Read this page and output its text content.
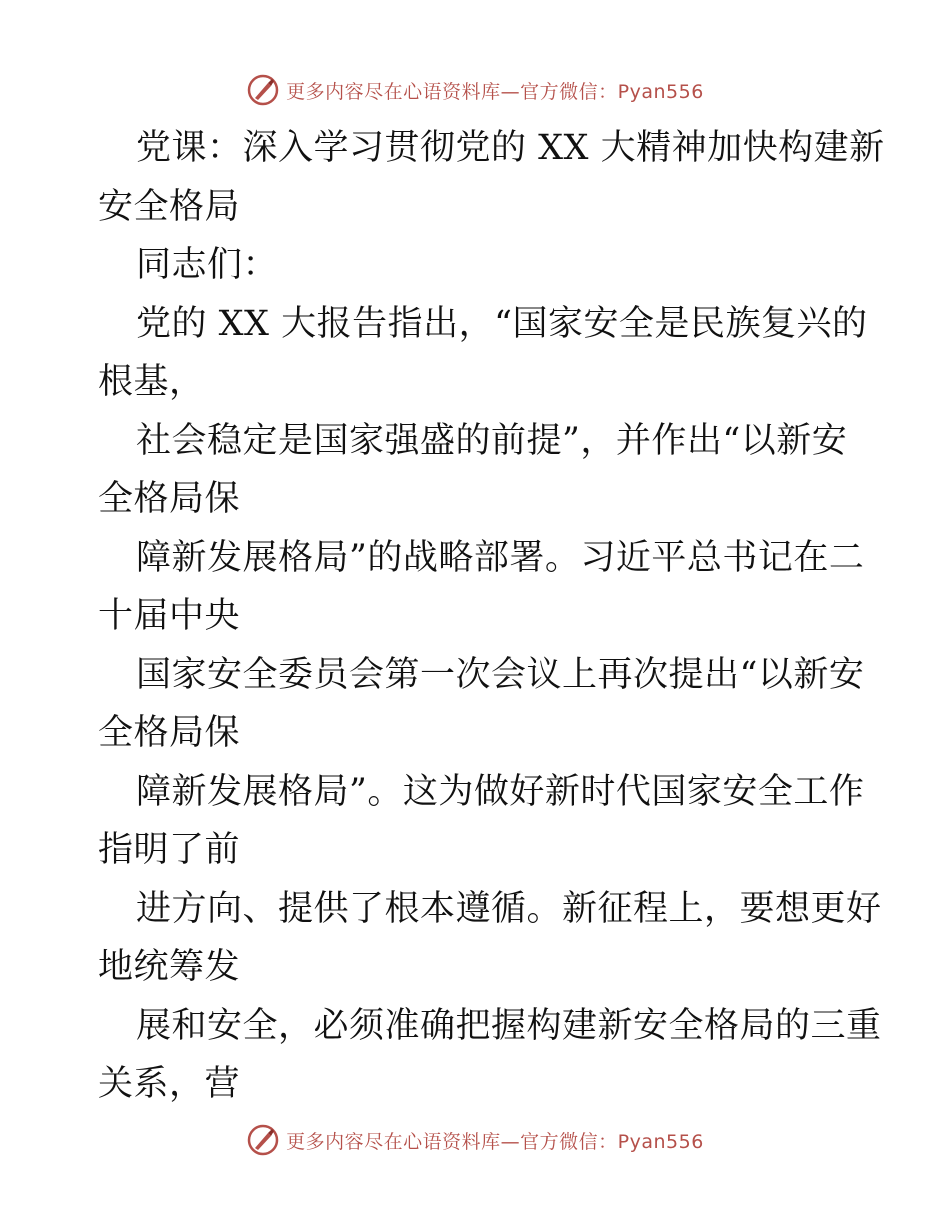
更多内容尽在心语资料库—官方微信：Pyan556
党课：深入学习贯彻党的 XX 大精神加快构建新
安全格局
同志们：
党的 XX 大报告指出，“国家安全是民族复兴的
根基，
社会稳定是国家强盛的前提”，并作出“以新安
全格局保
障新发展格局”的战略部署。习近平总书记在二
十届中央
国家安全委员会第一次会议上再次提出“以新安
全格局保
障新发展格局”。这为做好新时代国家安全工作
指明了前
进方向、提供了根本遵循。新征程上，要想更好
地统筹发
展和安全，必须准确把握构建新安全格局的三重
关系，营
更多内容尽在心语资料库—官方微信：Pyan556
